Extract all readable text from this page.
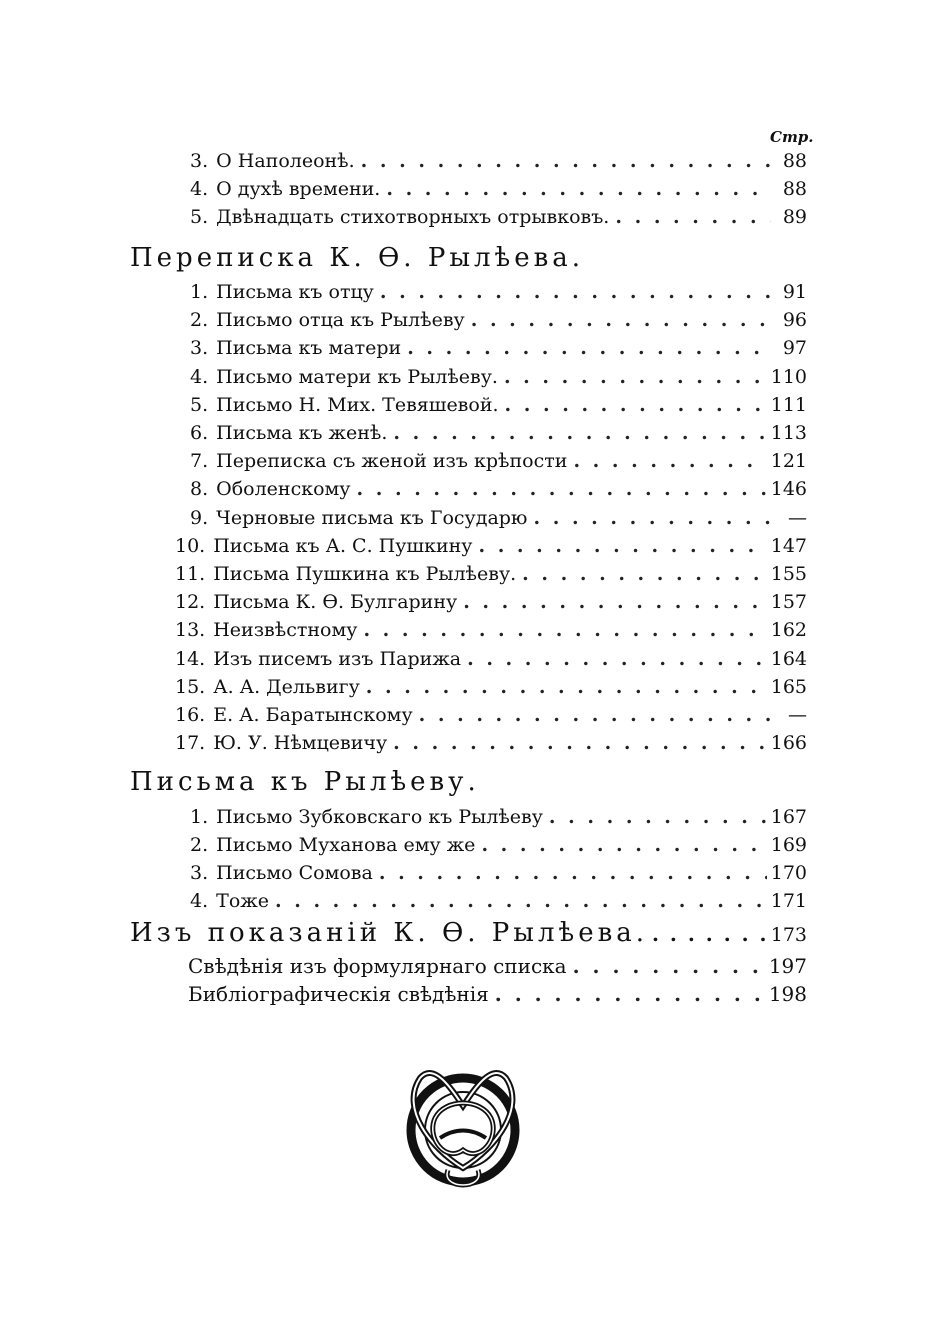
Стр.
3. О Наполеонѣ. . . .	88
4. О духѣ времени. . . .	88
5. Двѣнадцать стихотворныхъ отрывковъ. . . .	89
Переписка К. Ѳ. Рылѣева.
1. Письма къ отцу . . .	91
2. Письмо отца къ Рылѣеву . . .	96
3. Письма къ матери . . .	97
4. Письмо матери къ Рылѣеву. . . .	110
5. Письмо Н. Мих. Тевяшевой. . . .	111
6. Письма къ женѣ. . . .	113
7. Переписка съ женой изъ крѣпости . . .	121
8. Оболенскому . . .	146
9. Черновые письма къ Государю . . .	—
10. Письма къ А. С. Пушкину . . .	147
11. Письма Пушкина къ Рылѣеву. . . .	155
12. Письма К. Ѳ. Булгарину . . .	157
13. Неизвѣстному . . .	162
14. Изъ писемъ изъ Парижа . . .	164
15. А. А. Дельвигу . . .	165
16. Е. А. Баратынскому . . .	—
17. Ю. У. Нѣмцевичу . . .	166
Письма къ Рылѣеву.
1. Письмо Зубковскаго къ Рылѣеву . . .	167
2. Письмо Муханова ему же . . .	169
3. Письмо Сомова . . .	170
4. Тоже . . .	171
Изъ показаній К. Ѳ. Рылѣева. . . .	173
Свѣдѣнія изъ формулярнаго списка . . .	197
Библіографическія свѣдѣнія . . .	198
